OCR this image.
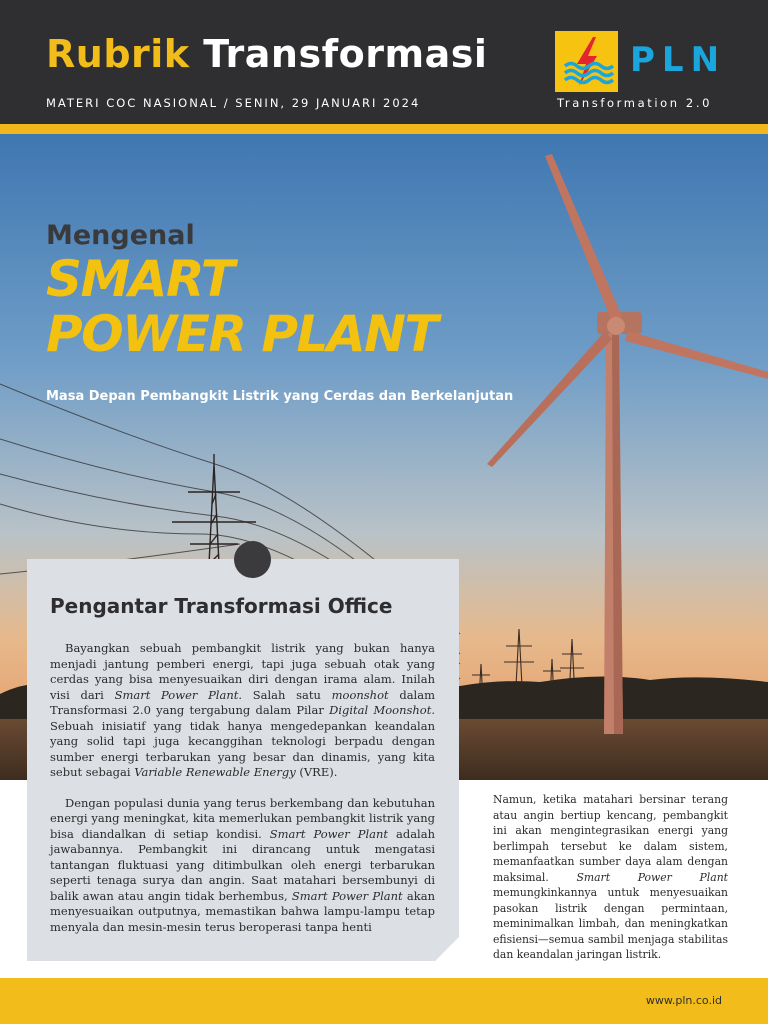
Rubrik Transformasi
MATERI COC NASIONAL / SENIN, 29 JANUARI 2024
PLN
Transformation 2.0
Mengenal
SMART
POWER PLANT
Masa Depan Pembangkit Listrik yang Cerdas dan Berkelanjutan
Pengantar Transformasi Office

Bayangkan sebuah pembangkit listrik yang bukan hanya menjadi jantung pemberi energi, tapi juga sebuah otak yang cerdas yang bisa menyesuaikan diri dengan irama alam. Inilah visi dari Smart Power Plant. Salah satu moonshot dalam Transformasi 2.0 yang tergabung dalam Pilar Digital Moonshot. Sebuah inisiatif yang tidak hanya mengedepankan keandalan yang solid tapi juga kecanggihan teknologi berpadu dengan sumber energi terbarukan yang besar dan dinamis, yang kita sebut sebagai Variable Renewable Energy (VRE).

Dengan populasi dunia yang terus berkembang dan kebutuhan energi yang meningkat, kita memerlukan pembangkit listrik yang bisa diandalkan di setiap kondisi. Smart Power Plant adalah jawabannya. Pembangkit ini dirancang untuk mengatasi tantangan fluktuasi yang ditimbulkan oleh energi terbarukan seperti tenaga surya dan angin. Saat matahari bersembunyi di balik awan atau angin tidak berhembus, Smart Power Plant akan menyesuaikan outputnya, memastikan bahwa lampu-lampu tetap menyala dan mesin-mesin terus beroperasi tanpa henti

Namun, ketika matahari bersinar terang atau angin bertiup kencang, pembangkit ini akan mengintegrasikan energi yang berlimpah tersebut ke dalam sistem, memanfaatkan sumber daya alam dengan maksimal. Smart Power Plant memungkinkannya untuk menyesuaikan pasokan listrik dengan permintaan, meminimalkan limbah, dan meningkatkan efisiensi—semua sambil menjaga stabilitas dan keandalan jaringan listrik.

www.pln.co.id
